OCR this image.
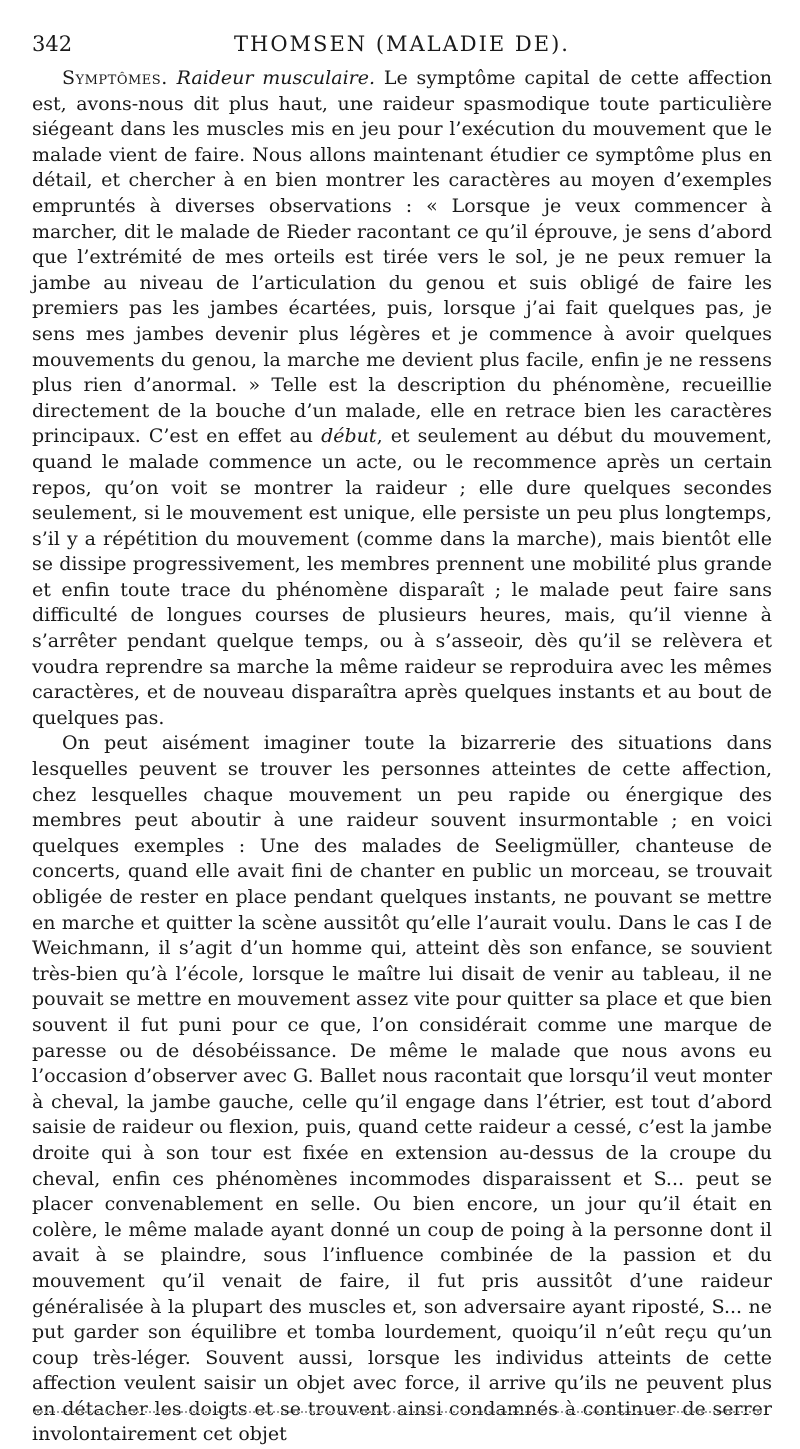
342	THOMSEN (MALADIE DE).

Symptômes. Raideur musculaire. Le symptôme capital de cette affection est, avons-nous dit plus haut, une raideur spasmodique toute particulière siégeant dans les muscles mis en jeu pour l’exécution du mouvement que le malade vient de faire. Nous allons maintenant étudier ce symptôme plus en détail, et chercher à en bien montrer les caractères au moyen d’exemples empruntés à diverses observations : « Lorsque je veux commencer à marcher, dit le malade de Rieder racontant ce qu’il éprouve, je sens d’abord que l’extrémité de mes orteils est tirée vers le sol, je ne peux remuer la jambe au niveau de l’articulation du genou et suis obligé de faire les premiers pas les jambes écartées, puis, lorsque j’ai fait quelques pas, je sens mes jambes devenir plus légères et je commence à avoir quelques mouvements du genou, la marche me devient plus facile, enfin je ne ressens plus rien d’anormal. » Telle est la description du phénomène, recueillie directement de la bouche d’un malade, elle en retrace bien les caractères principaux. C’est en effet au début, et seulement au début du mouvement, quand le malade commence un acte, ou le recommence après un certain repos, qu’on voit se montrer la raideur ; elle dure quelques secondes seulement, si le mouvement est unique, elle persiste un peu plus longtemps, s’il y a répétition du mouvement (comme dans la marche), mais bientôt elle se dissipe progressivement, les membres prennent une mobilité plus grande et enfin toute trace du phénomène disparaît ; le malade peut faire sans difficulté de longues courses de plusieurs heures, mais, qu’il vienne à s’arrêter pendant quelque temps, ou à s’asseoir, dès qu’il se relèvera et voudra reprendre sa marche la même raideur se reproduira avec les mêmes caractères, et de nouveau disparaîtra après quelques instants et au bout de quelques pas.

On peut aisément imaginer toute la bizarrerie des situations dans lesquelles peuvent se trouver les personnes atteintes de cette affection, chez lesquelles chaque mouvement un peu rapide ou énergique des membres peut aboutir à une raideur souvent insurmontable ; en voici quelques exemples : Une des malades de Seeligmüller, chanteuse de concerts, quand elle avait fini de chanter en public un morceau, se trouvait obligée de rester en place pendant quelques instants, ne pouvant se mettre en marche et quitter la scène aussitôt qu’elle l’aurait voulu. Dans le cas I de Weichmann, il s’agit d’un homme qui, atteint dès son enfance, se souvient très-bien qu’à l’école, lorsque le maître lui disait de venir au tableau, il ne pouvait se mettre en mouvement assez vite pour quitter sa place et que bien souvent il fut puni pour ce que, l’on considérait comme une marque de paresse ou de désobéissance. De même le malade que nous avons eu l’occasion d’observer avec G. Ballet nous racontait que lorsqu’il veut monter à cheval, la jambe gauche, celle qu’il engage dans l’étrier, est tout d’abord saisie de raideur ou flexion, puis, quand cette raideur a cessé, c’est la jambe droite qui à son tour est fixée en extension au-dessus de la croupe du cheval, enfin ces phénomènes incommodes disparaissent et S... peut se placer convenablement en selle. Ou bien encore, un jour qu’il était en colère, le même malade ayant donné un coup de poing à la personne dont il avait à se plaindre, sous l’influence combinée de la passion et du mouvement qu’il venait de faire, il fut pris aussitôt d’une raideur généralisée à la plupart des muscles et, son adversaire ayant riposté, S... ne put garder son équilibre et tomba lourdement, quoiqu’il n’eût reçu qu’un coup très-léger. Souvent aussi, lorsque les individus atteints de cette affection veulent saisir un objet avec force, il arrive qu’ils ne peuvent plus en détacher les doigts et se trouvent ainsi condamnés à continuer de serrer involontairement cet objet
